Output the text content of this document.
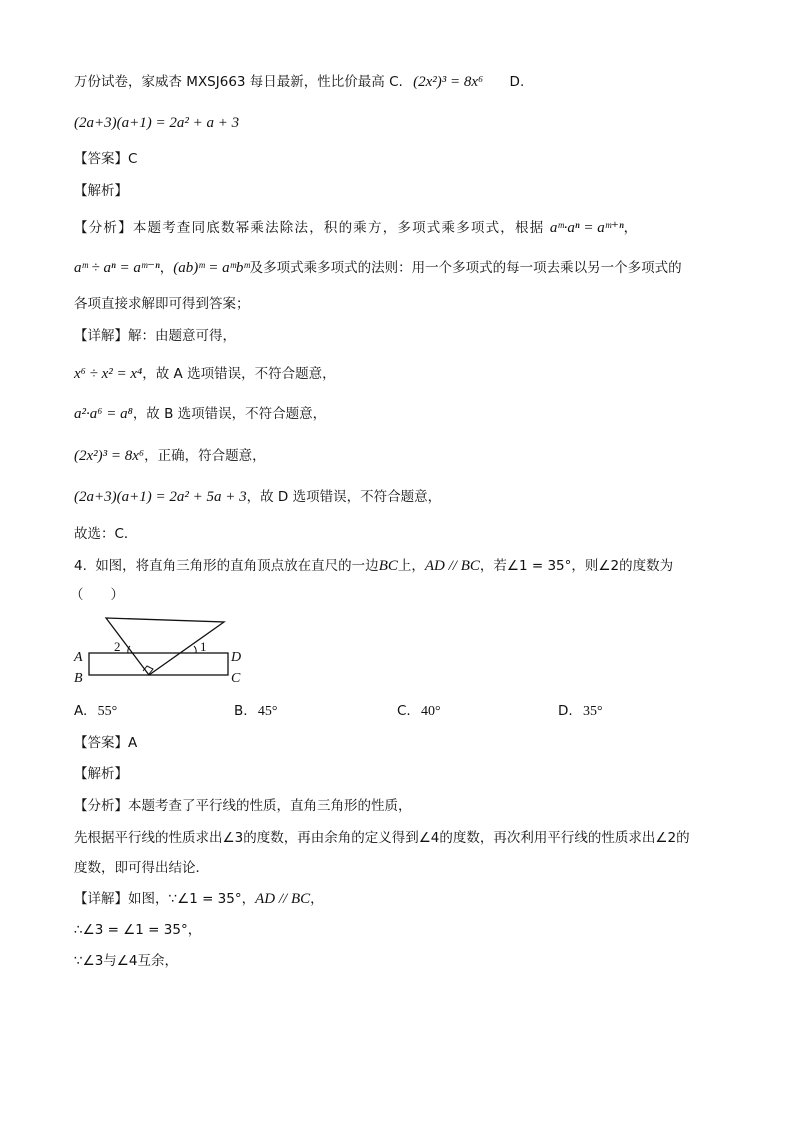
万份试卷，家威杏 MXSJ663 每日最新，性比价最高 C. (2x²)³ = 8x⁶ D.
(2a+3)(a+1) = 2a² + a + 3
【答案】C
【解析】
【分析】本题考查同底数幂乘法除法，积的乘方，多项式乘多项式，根据 aᵐ·aⁿ = aᵐ⁺ⁿ，
aᵐ ÷ aⁿ = aᵐ⁻ⁿ，(ab)ᵐ = aᵐbᵐ及多项式乘多项式的法则：用一个多项式的每一项去乘以另一个多项式的
各项直接求解即可得到答案；
【详解】解：由题意可得，
x⁶ ÷ x² = x⁴，故 A 选项错误，不符合题意，
a²·a⁶ = a⁸，故 B 选项错误，不符合题意，
(2x²)³ = 8x⁶，正确，符合题意，
(2a+3)(a+1) = 2a² + 5a + 3，故 D 选项错误，不符合题意，
故选：C．
4. 如图，将直角三角形的直角顶点放在直尺的一边BC上，AD // BC，若∠1 = 35°，则∠2的度数为
（　　）
2	1
A
B
D
C
A. 55°	B. 45°	C. 40°	D. 35°
【答案】A
【解析】
【分析】本题考查了平行线的性质，直角三角形的性质，
先根据平行线的性质求出∠3的度数，再由余角的定义得到∠4的度数，再次利用平行线的性质求出∠2的
度数，即可得出结论．
【详解】如图，∵∠1 = 35°，AD // BC，
∴∠3 = ∠1 = 35°，
∵∠3与∠4互余，
